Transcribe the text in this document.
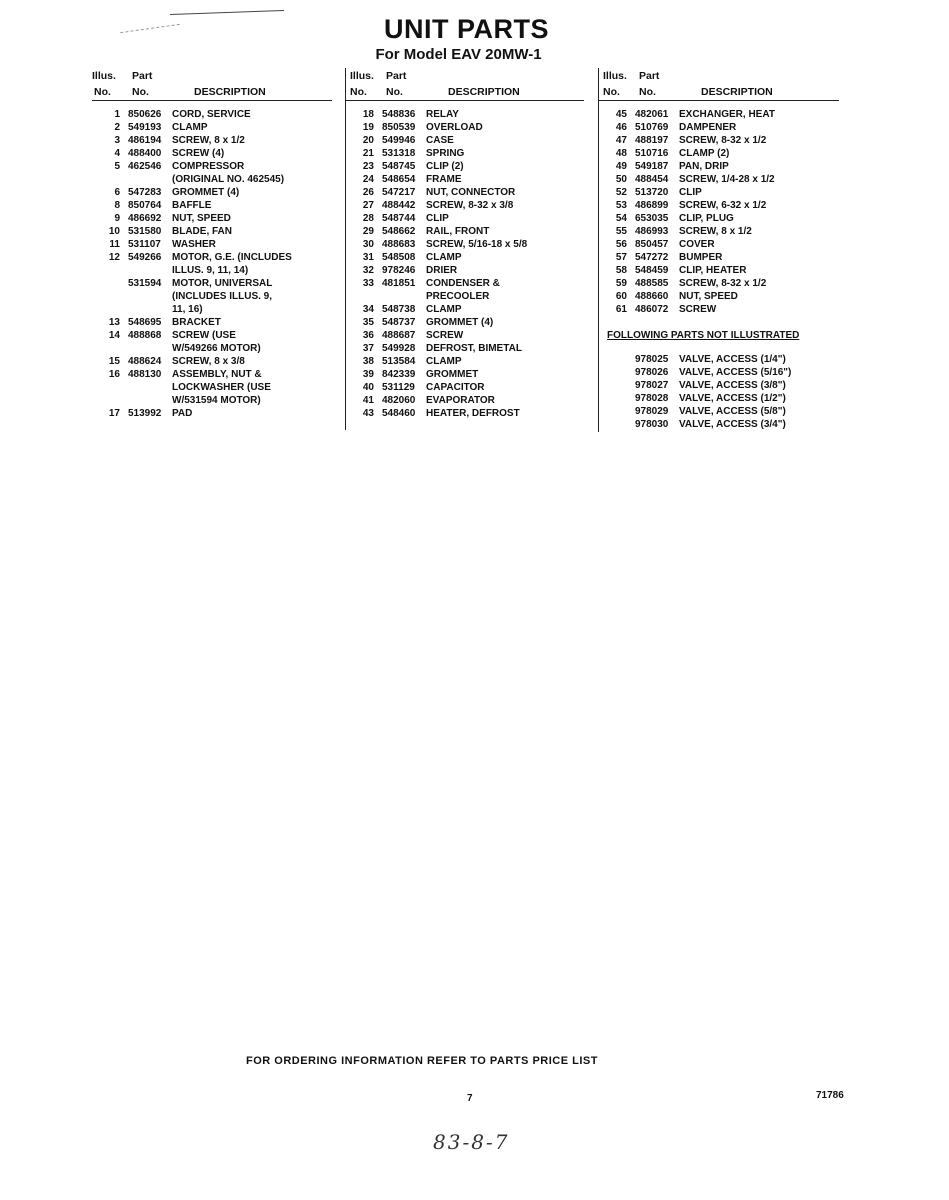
UNIT PARTS
For Model EAV 20MW-1
Illus. Part
No. No.	DESCRIPTION
1 850626	CORD, SERVICE
2 549193	CLAMP
3 486194	SCREW, 8 x 1/2
4 488400	SCREW (4)
5 462546	COMPRESSOR
(ORIGINAL NO. 462545)
6 547283	GROMMET (4)
8 850764	BAFFLE
9 486692	NUT, SPEED
10 531580	BLADE, FAN
11 531107	WASHER
12 549266	MOTOR, G.E. (INCLUDES
ILLUS. 9, 11, 14)
531594	MOTOR, UNIVERSAL
(INCLUDES ILLUS. 9,
11, 16)
13 548695	BRACKET
14 488868	SCREW (USE
W/549266 MOTOR)
15 488624	SCREW, 8 x 3/8
16 488130	ASSEMBLY, NUT &
LOCKWASHER (USE
W/531594 MOTOR)
17 513992	PAD
Illus. Part
No. No.	DESCRIPTION
18 548836	RELAY
19 850539	OVERLOAD
20 549946	CASE
21 531318	SPRING
23 548745	CLIP (2)
24 548654	FRAME
26 547217	NUT, CONNECTOR
27 488442	SCREW, 8-32 x 3/8
28 548744	CLIP
29 548662	RAIL, FRONT
30 488683	SCREW, 5/16-18 x 5/8
31 548508	CLAMP
32 978246	DRIER
33 481851	CONDENSER &
PRECOOLER
34 548738	CLAMP
35 548737	GROMMET (4)
36 488687	SCREW
37 549928	DEFROST, BIMETAL
38 513584	CLAMP
39 842339	GROMMET
40 531129	CAPACITOR
41 482060	EVAPORATOR
43 548460	HEATER, DEFROST
Illus. Part
No. No.	DESCRIPTION
45 482061	EXCHANGER, HEAT
46 510769	DAMPENER
47 488197	SCREW, 8-32 x 1/2
48 510716	CLAMP (2)
49 549187	PAN, DRIP
50 488454	SCREW, 1/4-28 x 1/2
52 513720	CLIP
53 486899	SCREW, 6-32 x 1/2
54 653035	CLIP, PLUG
55 486993	SCREW, 8 x 1/2
56 850457	COVER
57 547272	BUMPER
58 548459	CLIP, HEATER
59 488585	SCREW, 8-32 x 1/2
60 488660	NUT, SPEED
61 486072	SCREW
FOLLOWING PARTS NOT ILLUSTRATED
978025	VALVE, ACCESS (1/4")
978026	VALVE, ACCESS (5/16")
978027	VALVE, ACCESS (3/8")
978028	VALVE, ACCESS (1/2")
978029	VALVE, ACCESS (5/8")
978030	VALVE, ACCESS (3/4")
FOR ORDERING INFORMATION REFER TO PARTS PRICE LIST
7	71786
83-8-7
